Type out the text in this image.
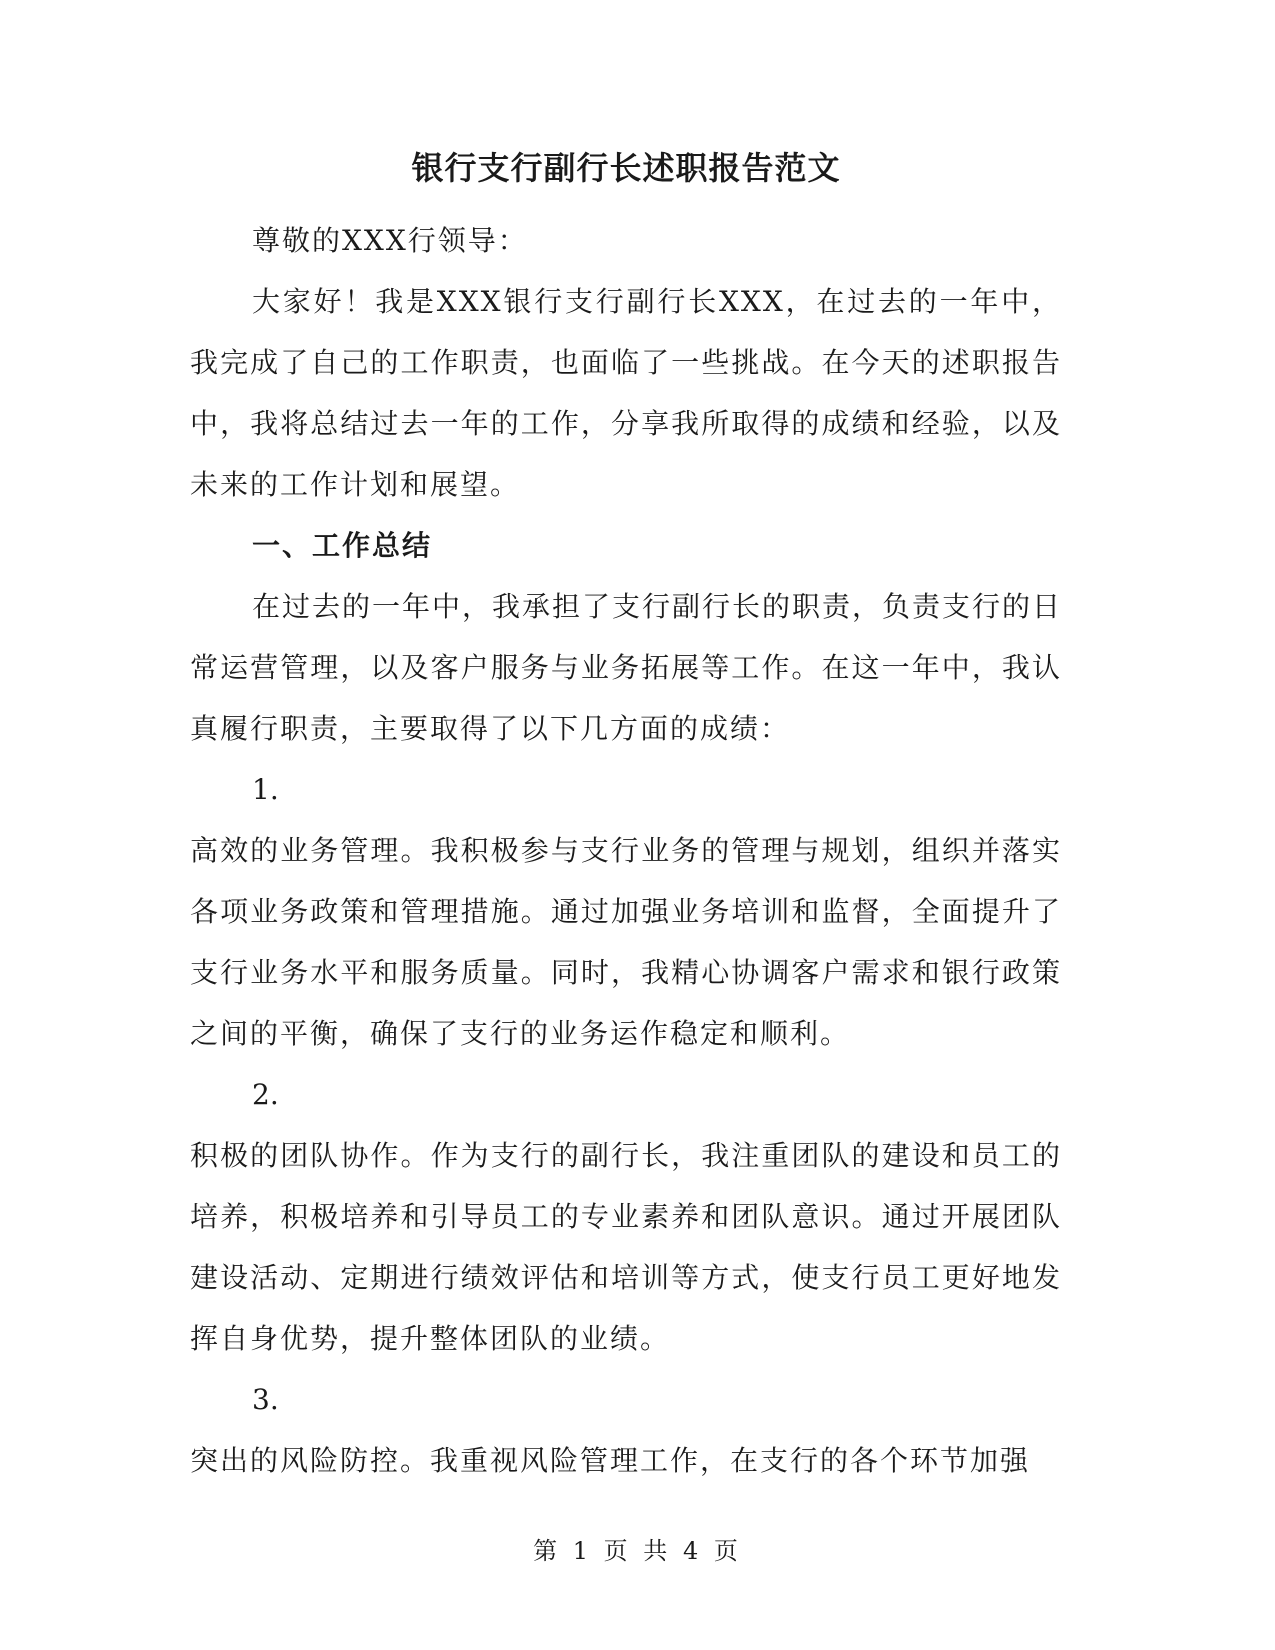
银行支行副行长述职报告范文

尊敬的XXX行领导：

大家好！我是XXX银行支行副行长XXX，在过去的一年中，我完成了自己的工作职责，也面临了一些挑战。在今天的述职报告中，我将总结过去一年的工作，分享我所取得的成绩和经验，以及未来的工作计划和展望。

一、工作总结

在过去的一年中，我承担了支行副行长的职责，负责支行的日常运营管理，以及客户服务与业务拓展等工作。在这一年中，我认真履行职责，主要取得了以下几方面的成绩：

1.

高效的业务管理。我积极参与支行业务的管理与规划，组织并落实各项业务政策和管理措施。通过加强业务培训和监督，全面提升了支行业务水平和服务质量。同时，我精心协调客户需求和银行政策之间的平衡，确保了支行的业务运作稳定和顺利。

2.

积极的团队协作。作为支行的副行长，我注重团队的建设和员工的培养，积极培养和引导员工的专业素养和团队意识。通过开展团队建设活动、定期进行绩效评估和培训等方式，使支行员工更好地发挥自身优势，提升整体团队的业绩。

3.

突出的风险防控。我重视风险管理工作，在支行的各个环节加强

第 1 页 共 4 页
